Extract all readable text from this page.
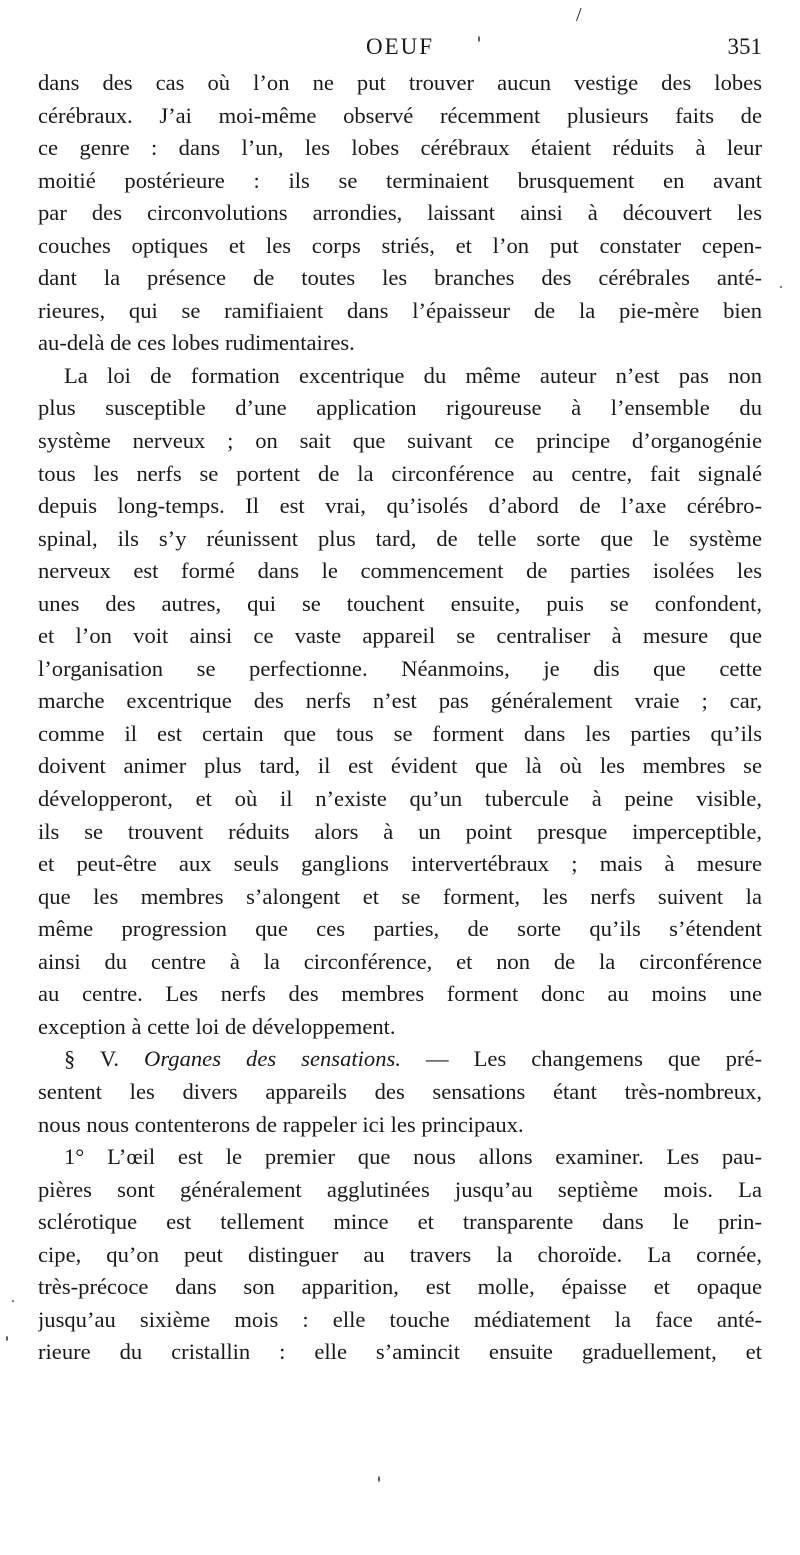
/
OEUF	351
dans des cas où l’on ne put trouver aucun vestige des lobes
cérébraux. J’ai moi-même observé récemment plusieurs faits de
ce genre : dans l’un, les lobes cérébraux étaient réduits à leur
moitié postérieure : ils se terminaient brusquement en avant
par des circonvolutions arrondies, laissant ainsi à découvert les
couches optiques et les corps striés, et l’on put constater cepen-
dant la présence de toutes les branches des cérébrales anté-
rieures, qui se ramifiaient dans l’épaisseur de la pie-mère bien
au-delà de ces lobes rudimentaires.
La loi de formation excentrique du même auteur n’est pas non
plus susceptible d’une application rigoureuse à l’ensemble du
système nerveux ; on sait que suivant ce principe d’organogénie
tous les nerfs se portent de la circonférence au centre, fait signalé
depuis long-temps. Il est vrai, qu’isolés d’abord de l’axe cérébro-
spinal, ils s’y réunissent plus tard, de telle sorte que le système
nerveux est formé dans le commencement de parties isolées les
unes des autres, qui se touchent ensuite, puis se confondent,
et l’on voit ainsi ce vaste appareil se centraliser à mesure que
l’organisation se perfectionne. Néanmoins, je dis que cette
marche excentrique des nerfs n’est pas généralement vraie ; car,
comme il est certain que tous se forment dans les parties qu’ils
doivent animer plus tard, il est évident que là où les membres se
développeront, et où il n’existe qu’un tubercule à peine visible,
ils se trouvent réduits alors à un point presque imperceptible,
et peut-être aux seuls ganglions intervertébraux ; mais à mesure
que les membres s’alongent et se forment, les nerfs suivent la
même progression que ces parties, de sorte qu’ils s’étendent
ainsi du centre à la circonférence, et non de la circonférence
au centre. Les nerfs des membres forment donc au moins une
exception à cette loi de développement.
§ V. Organes des sensations. — Les changemens que pré-
sentent les divers appareils des sensations étant très-nombreux,
nous nous contenterons de rappeler ici les principaux.
1° L’œil est le premier que nous allons examiner. Les pau-
pières sont généralement agglutinées jusqu’au septième mois. La
sclérotique est tellement mince et transparente dans le prin-
cipe, qu’on peut distinguer au travers la choroïde. La cornée,
très-précoce dans son apparition, est molle, épaisse et opaque
jusqu’au sixième mois : elle touche médiatement la face anté-
rieure du cristallin : elle s’amincit ensuite graduellement, et
